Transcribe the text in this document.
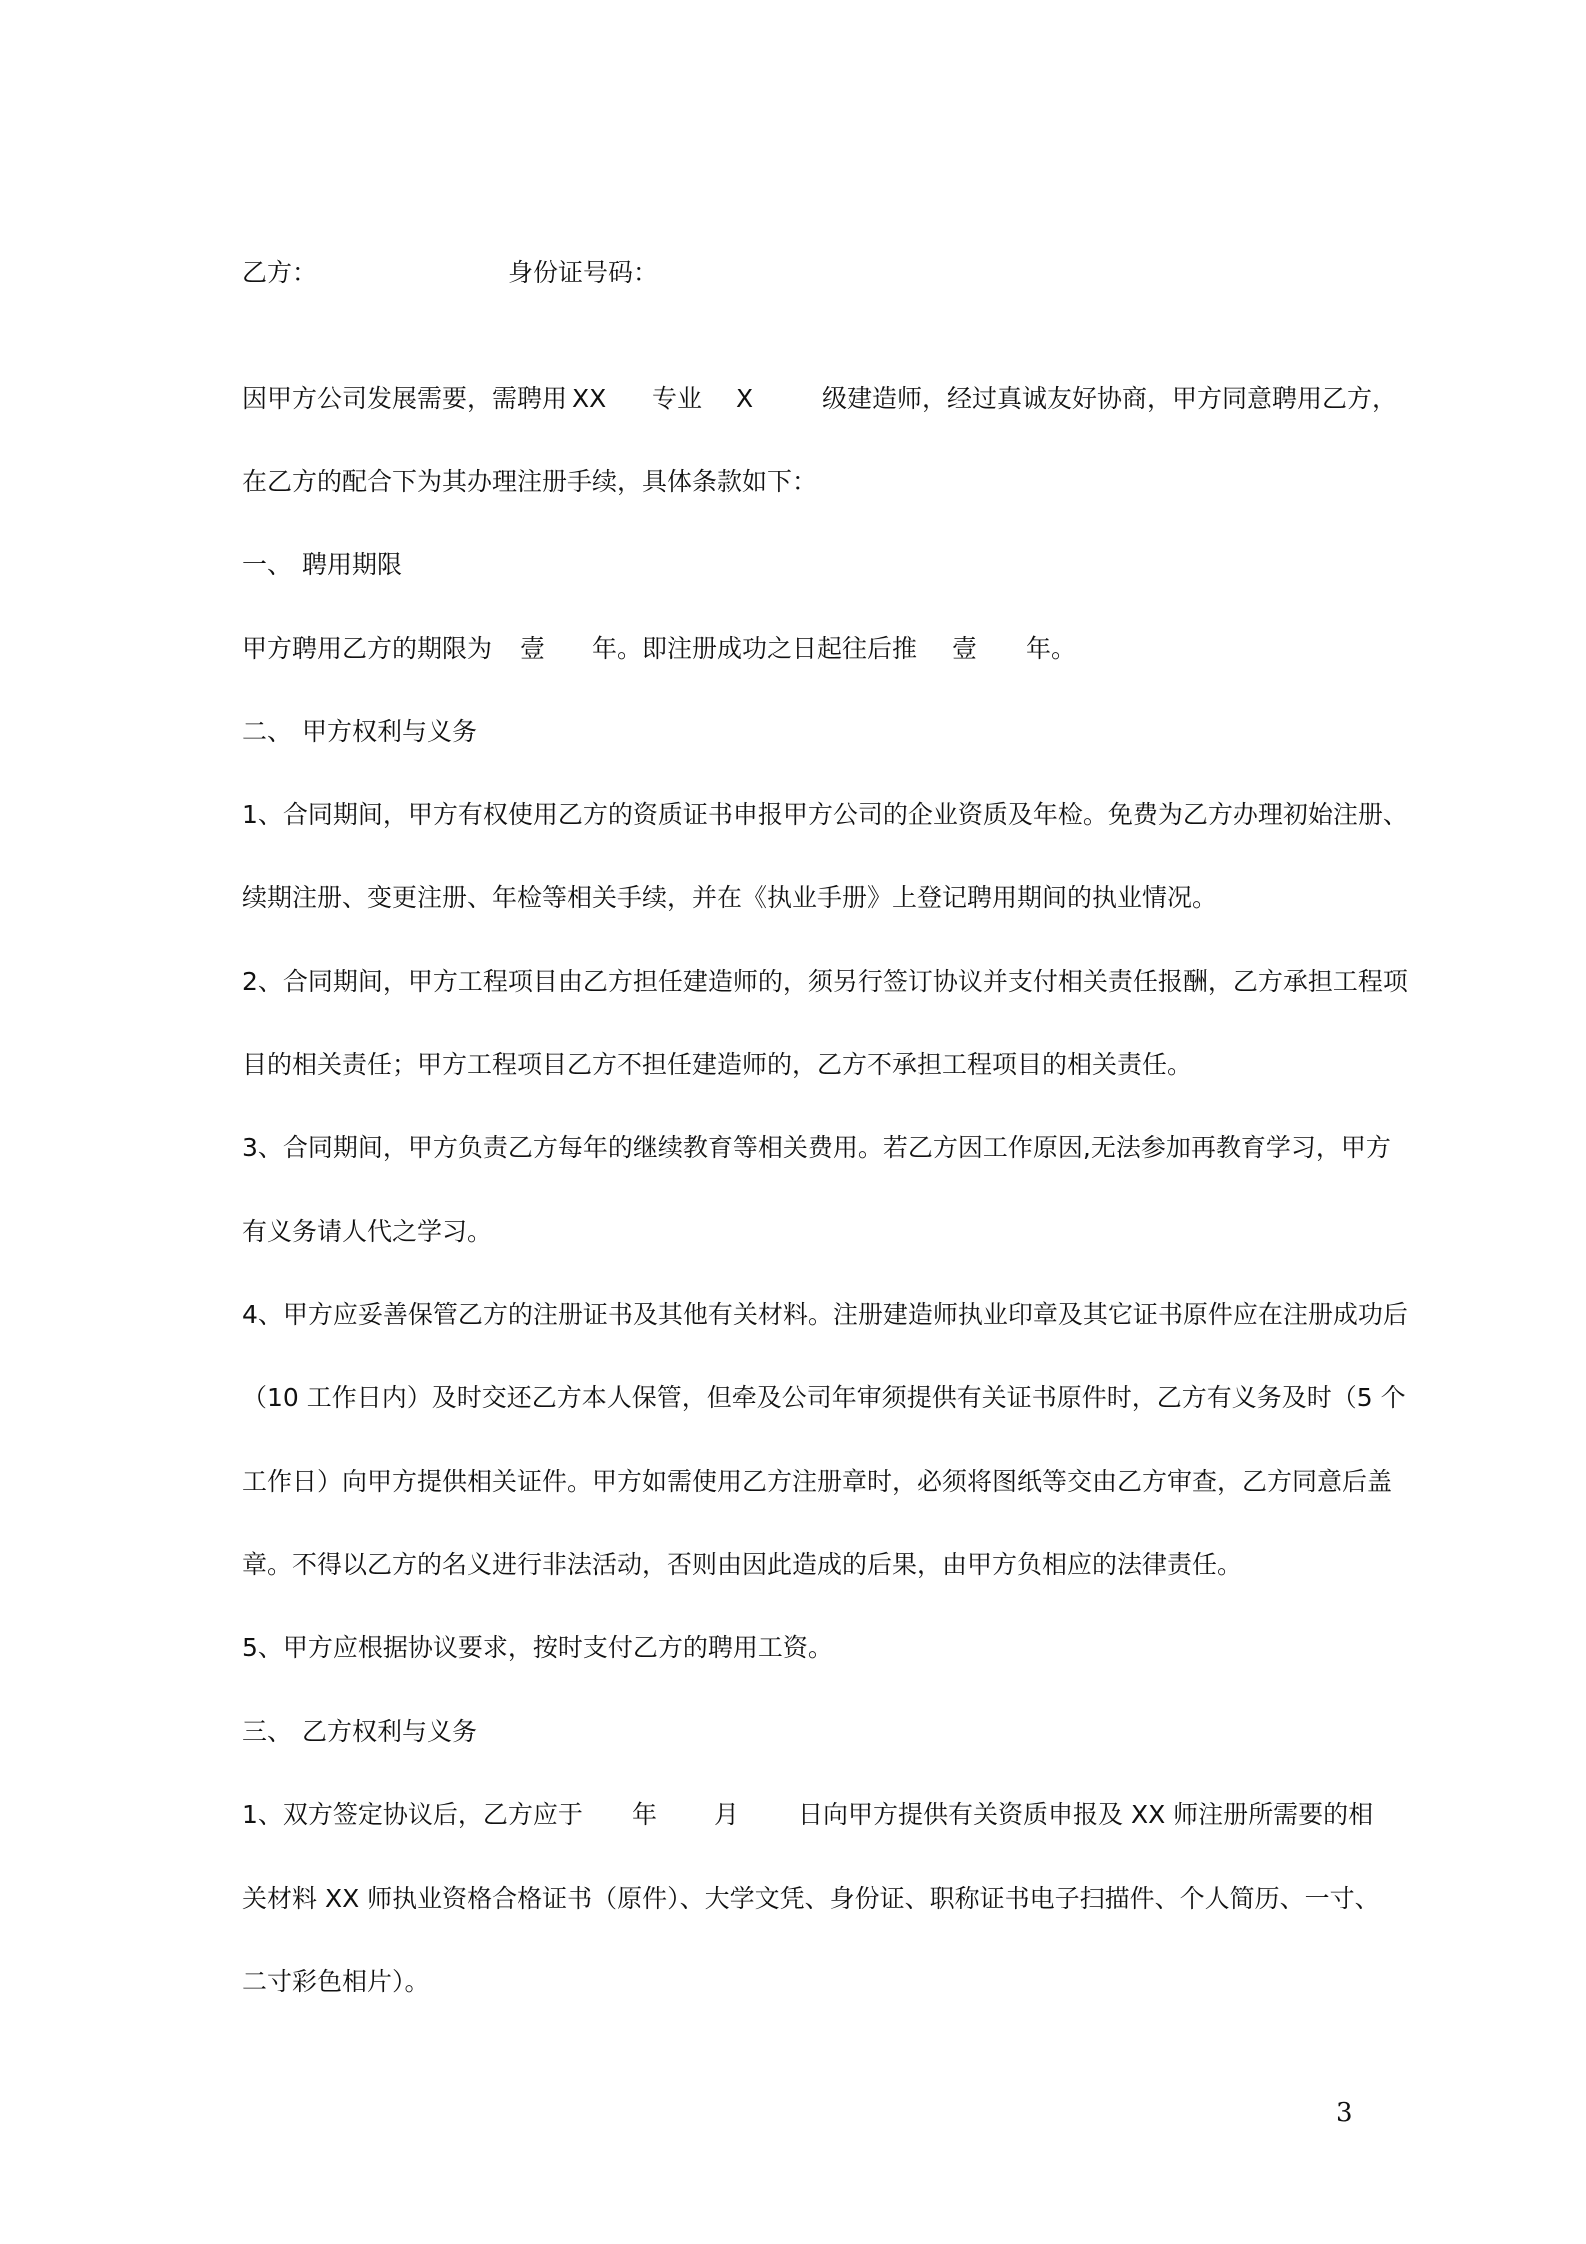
乙方：	身份证号码：
因甲方公司发展需要，需聘用 XX 专业 X	级建造师，经过真诚友好协商，甲方同意聘用乙方，
在乙方的配合下为其办理注册手续，具体条款如下：
一、 聘用期限
甲方聘用乙方的期限为 壹 年。即注册成功之日起往后推 壹 年。
二、 甲方权利与义务
1、合同期间，甲方有权使用乙方的资质证书申报甲方公司的企业资质及年检。免费为乙方办理初始注册、
续期注册、变更注册、年检等相关手续，并在《执业手册》上登记聘用期间的执业情况。
2、合同期间，甲方工程项目由乙方担任建造师的，须另行签订协议并支付相关责任报酬，乙方承担工程项
目的相关责任；甲方工程项目乙方不担任建造师的，乙方不承担工程项目的相关责任。
3、合同期间，甲方负责乙方每年的继续教育等相关费用。若乙方因工作原因,无法参加再教育学习，甲方
有义务请人代之学习。
4、甲方应妥善保管乙方的注册证书及其他有关材料。注册建造师执业印章及其它证书原件应在注册成功后
（10 工作日内）及时交还乙方本人保管，但牵及公司年审须提供有关证书原件时，乙方有义务及时（5 个
工作日）向甲方提供相关证件。甲方如需使用乙方注册章时，必须将图纸等交由乙方审查，乙方同意后盖
章。不得以乙方的名义进行非法活动，否则由因此造成的后果，由甲方负相应的法律责任。
5、甲方应根据协议要求，按时支付乙方的聘用工资。
三、 乙方权利与义务
1、双方签定协议后，乙方应于 年 月 日向甲方提供有关资质申报及 XX 师注册所需要的相
关材料 XX 师执业资格合格证书（原件）、大学文凭、身份证、职称证书电子扫描件、个人简历、一寸、
二寸彩色相片）。
3
